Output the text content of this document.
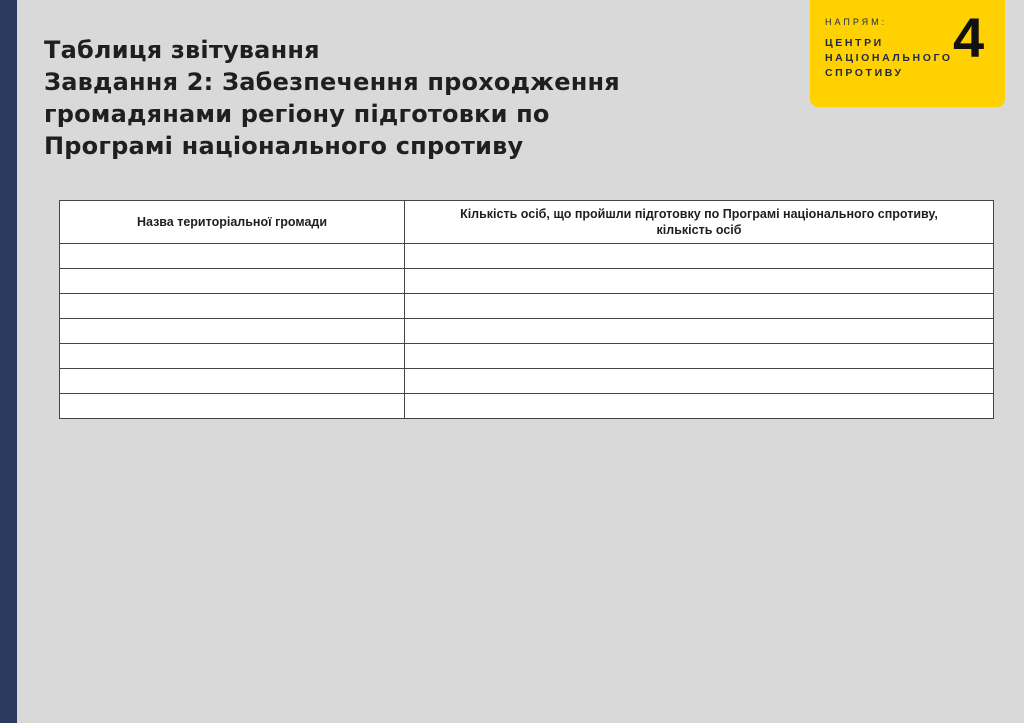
Таблиця звітування
Завдання 2: Забезпечення проходження
громадянами регіону підготовки по
Програмі національного спротиву
НАПРЯМ:
ЦЕНТРИ
НАЦІОНАЛЬНОГО
СПРОТИВУ
4
Назва територіальної громади	Кількість осіб, що пройшли підготовку по Програмі національного спротиву,
кількість осіб
